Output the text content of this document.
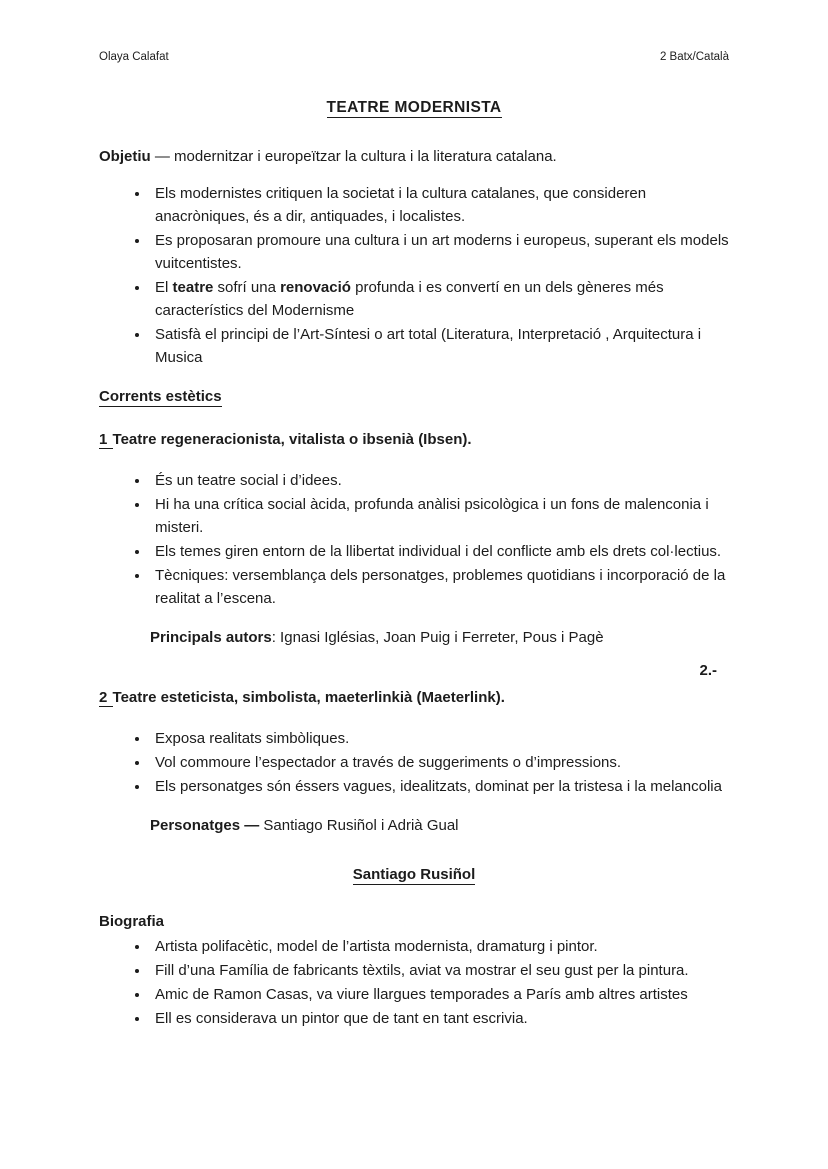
Olaya Calafat	2 Batx/Català
TEATRE MODERNISTA

Objetiu — modernitzar i europeïtzar la cultura i la literatura catalana.

• Els modernistes critiquen la societat i la cultura catalanes, que consideren anacròniques, és a dir, antiquades, i localistes.
• Es proposaran promoure una cultura i un art moderns i europeus, superant els models vuitcentistes.
• El teatre sofrí una renovació profunda i es convertí en un dels gèneres més característics del Modernisme
• Satisfà el principi de l’Art-Síntesi o art total (Literatura, Interpretació , Arquitectura i Musica
Corrents estètics
1 Teatre regeneracionista, vitalista o ibsenià (Ibsen).
• És un teatre social i d’idees.
• Hi ha una crítica social àcida, profunda anàlisi psicològica i un fons de malenconia i misteri.
• Els temes giren entorn de la llibertat individual i del conflicte amb els drets col·lectius.
• Tècniques: versemblança dels personatges, problemes quotidians i incorporació de la realitat a l’escena.

Principals autors: Ignasi Iglésias, Joan Puig i Ferreter, Pous i Pagè

2.-
2 Teatre esteticista, simbolista, maeterlinkià (Maeterlink).
• Exposa realitats simbòliques.
• Vol commoure l’espectador a través de suggeriments o d’impressions.
• Els personatges són éssers vagues, idealitzats, dominat per la tristesa i la melancolia

Personatges — Santiago Rusiñol i Adrià Gual

Santiago Rusiñol
Biografia
• Artista polifacètic, model de l’artista modernista, dramaturg i pintor.
• Fill d’una Família de fabricants tèxtils, aviat va mostrar el seu gust per la pintura.
• Amic de Ramon Casas, va viure llargues temporades a París amb altres artistes
• Ell es considerava un pintor que de tant en tant escrivia.
